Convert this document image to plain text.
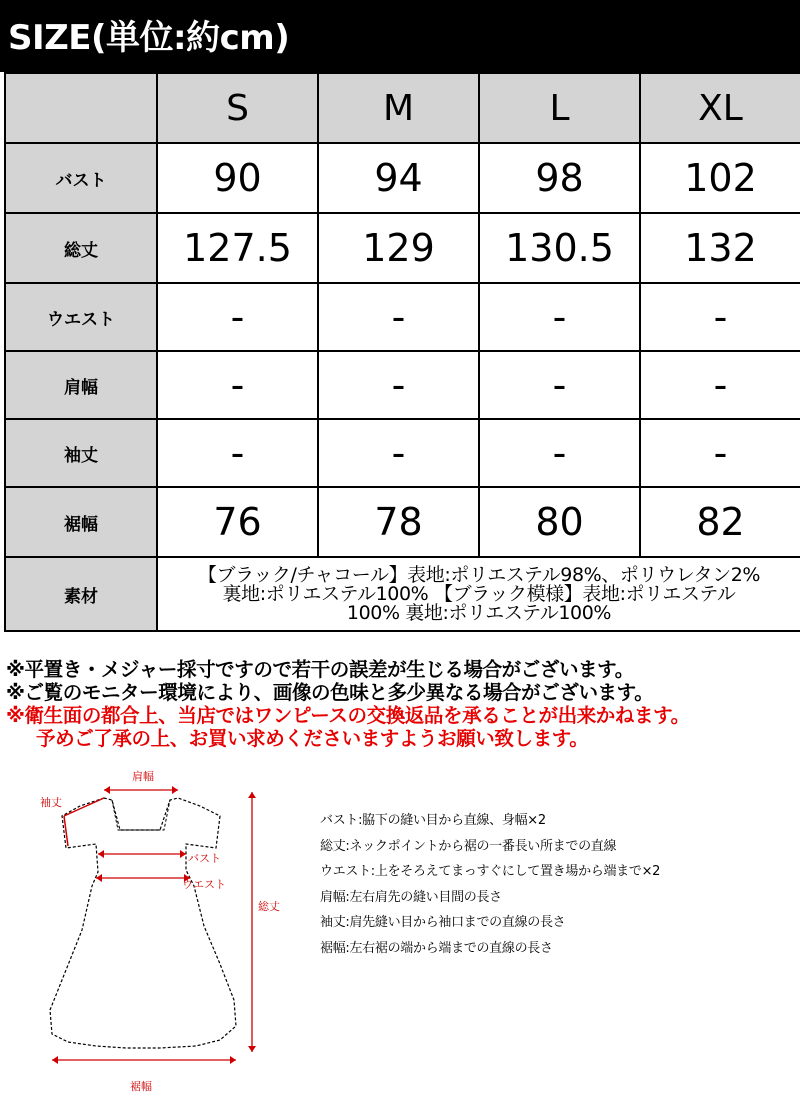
SIZE(単位:約cm)
	S	M	L	XL
バスト	90	94	98	102
総丈	127.5	129	130.5	132
ウエスト	-	-	-	-
肩幅	-	-	-	-
袖丈	-	-	-	-
裾幅	76	78	80	82
素材	【ブラック/チャコール】表地:ポリエステル98%、ポリウレタン2%
裏地:ポリエステル100% 【ブラック模様】表地:ポリエステル
100% 裏地:ポリエステル100%			
※平置き・メジャー採寸ですので若干の誤差が生じる場合がございます。
※ご覧のモニター環境により、画像の色味と多少異なる場合がございます。
※衛生面の都合上、当店ではワンピースの交換返品を承ることが出来かねます。
予めご了承の上、お買い求めくださいますようお願い致します。
肩幅
袖丈
バスト
ウエスト
総丈
裾幅
バスト:脇下の縫い目から直線、身幅×2
総丈:ネックポイントから裾の一番長い所までの直線
ウエスト:上をそろえてまっすぐにして置き場から端まで×2
肩幅:左右肩先の縫い目間の長さ
袖丈:肩先縫い目から袖口までの直線の長さ
裾幅:左右裾の端から端までの直線の長さ
